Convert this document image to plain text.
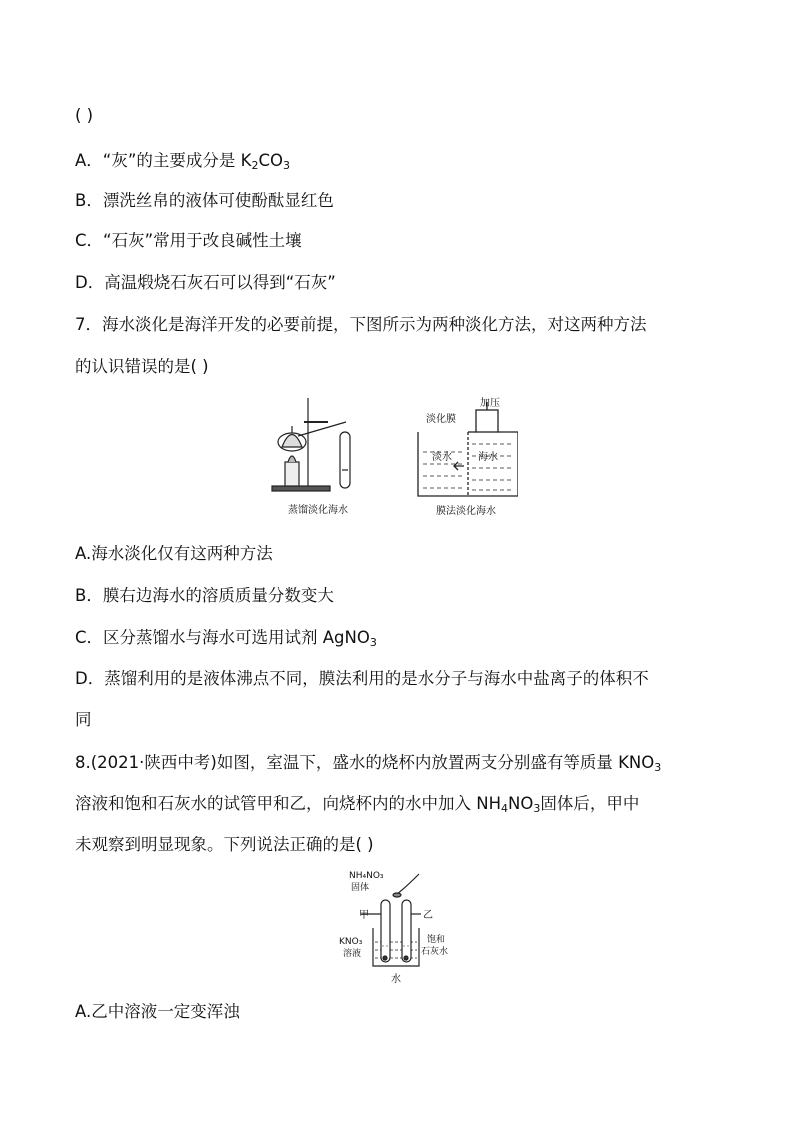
( )
A．“灰”的主要成分是 $K_2CO_3$
B．漂洗丝帛的液体可使酚酞显红色
C．“石灰”常用于改良碱性土壤
D．高温煅烧石灰石可以得到“石灰”
7．海水淡化是海洋开发的必要前提，下图所示为两种淡化方法，对这两种方法
的认识错误的是( )
蒸馏淡化海水
淡化膜
加压
淡水	海水
膜法淡化海水
A.海水淡化仅有这两种方法
B．膜右边海水的溶质质量分数变大
C．区分蒸馏水与海水可选用试剂 AgNO$_3$
D．蒸馏利用的是液体沸点不同，膜法利用的是水分子与海水中盐离子的体积不
同
8.(2021·陕西中考)如图，室温下，盛水的烧杯内放置两支分别盛有等质量 $KNO_3$
溶液和饱和石灰水的试管甲和乙，向烧杯内的水中加入 $NH_4NO_3$固体后，甲中
未观察到明显现象。下列说法正确的是( )
NH₄NO₃
固体
甲	乙
KNO₃
溶液
饱和
石灰水
水
A.乙中溶液一定变浑浊
